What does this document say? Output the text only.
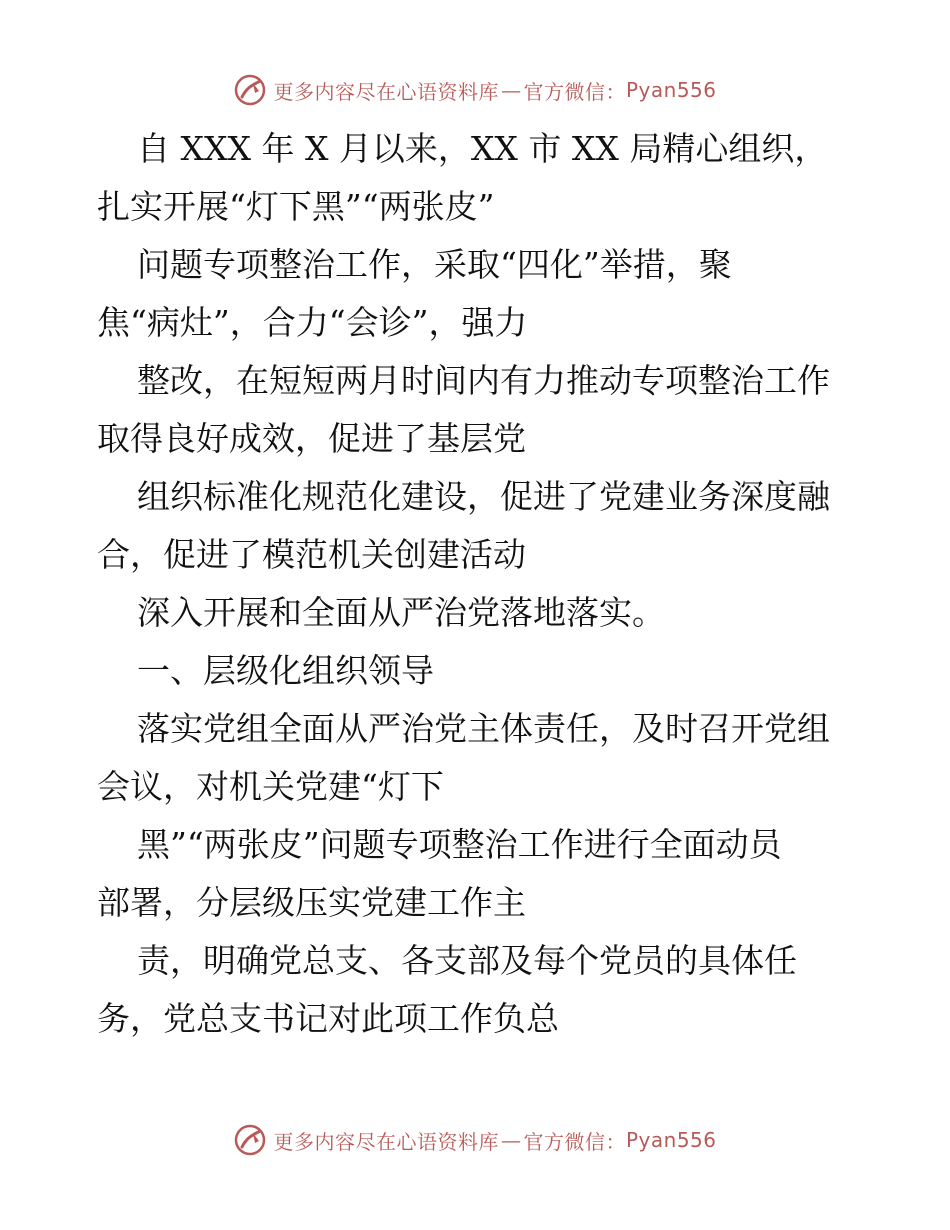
更多内容尽在心语资料库 — 官方微信： Pyan556
自 XXX 年 X 月以来，XX 市 XX 局精心组织，
扎实开展“灯下黑”“两张皮”
问题专项整治工作，采取“四化”举措，聚
焦“病灶”，合力“会诊”，强力
整改，在短短两月时间内有力推动专项整治工作
取得良好成效，促进了基层党
组织标准化规范化建设，促进了党建业务深度融
合，促进了模范机关创建活动
深入开展和全面从严治党落地落实。
一、层级化组织领导
落实党组全面从严治党主体责任，及时召开党组
会议，对机关党建“灯下
黑”“两张皮”问题专项整治工作进行全面动员
部署，分层级压实党建工作主
责，明确党总支、各支部及每个党员的具体任
务，党总支书记对此项工作负总
更多内容尽在心语资料库 — 官方微信： Pyan556
